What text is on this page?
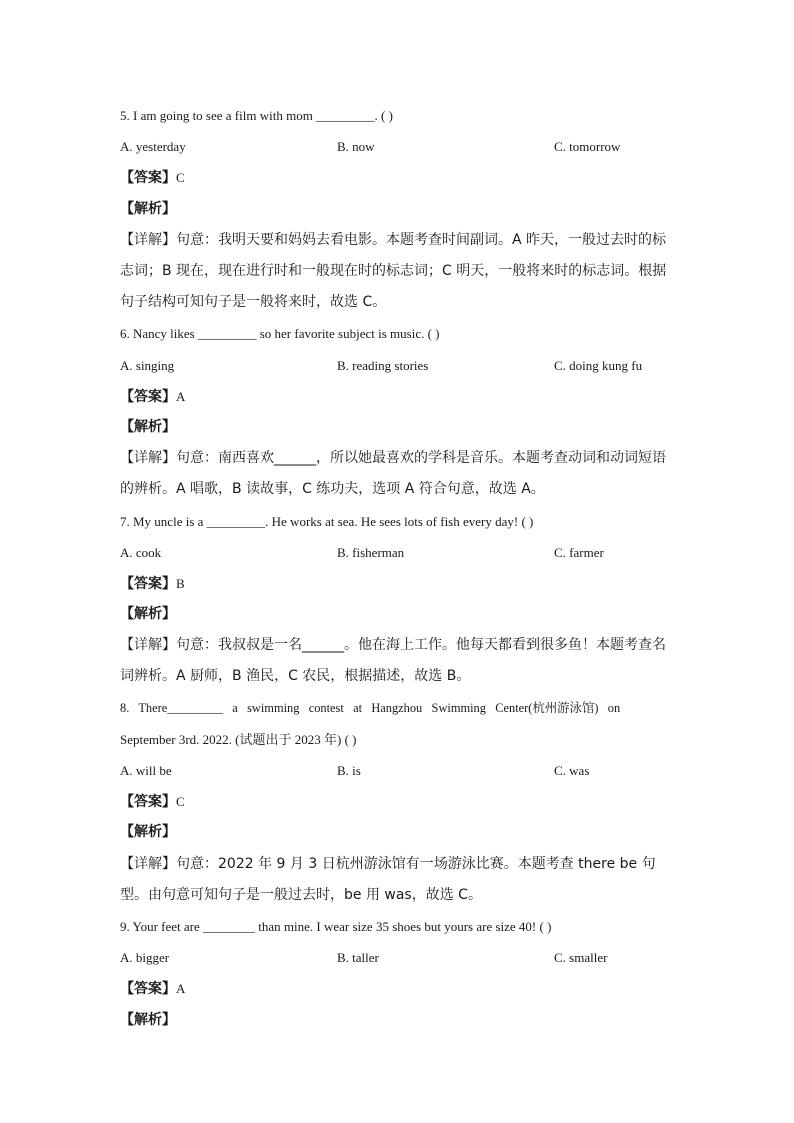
5. I am going to see a film with mom _________. ( )
A. yesterday	B. now	C. tomorrow
【答案】C
【解析】
【详解】句意：我明天要和妈妈去看电影。本题考查时间副词。A 昨天，一般过去时的标志词；B 现在，现在进行时和一般现在时的标志词；C 明天，一般将来时的标志词。根据句子结构可知句子是一般将来时，故选 C。
6. Nancy likes _________ so her favorite subject is music. ( )
A. singing	B. reading stories	C. doing kung fu
【答案】A
【解析】
【详解】句意：南西喜欢______，所以她最喜欢的学科是音乐。本题考查动词和动词短语的辨析。A 唱歌，B 读故事，C 练功夫，选项 A 符合句意，故选 A。
7. My uncle is a _________. He works at sea. He sees lots of fish every day! ( )
A. cook	B. fisherman	C. farmer
【答案】B
【解析】
【详解】句意：我叔叔是一名______。他在海上工作。他每天都看到很多鱼！本题考查名词辨析。A 厨师，B 渔民，C 农民，根据描述，故选 B。
8.   There_________   a   swimming   contest   at   Hangzhou   Swimming   Center(杭州游泳馆)   on
September 3rd. 2022. (试题出于 2023 年) ( )
A. will be	B. is	C. was
【答案】C
【解析】
【详解】句意：2022 年 9 月 3 日杭州游泳馆有一场游泳比赛。本题考查 there be 句型。由句意可知句子是一般过去时，be 用 was，故选 C。
9. Your feet are ________ than mine. I wear size 35 shoes but yours are size 40! ( )
A. bigger	B. taller	C. smaller
【答案】A
【解析】
